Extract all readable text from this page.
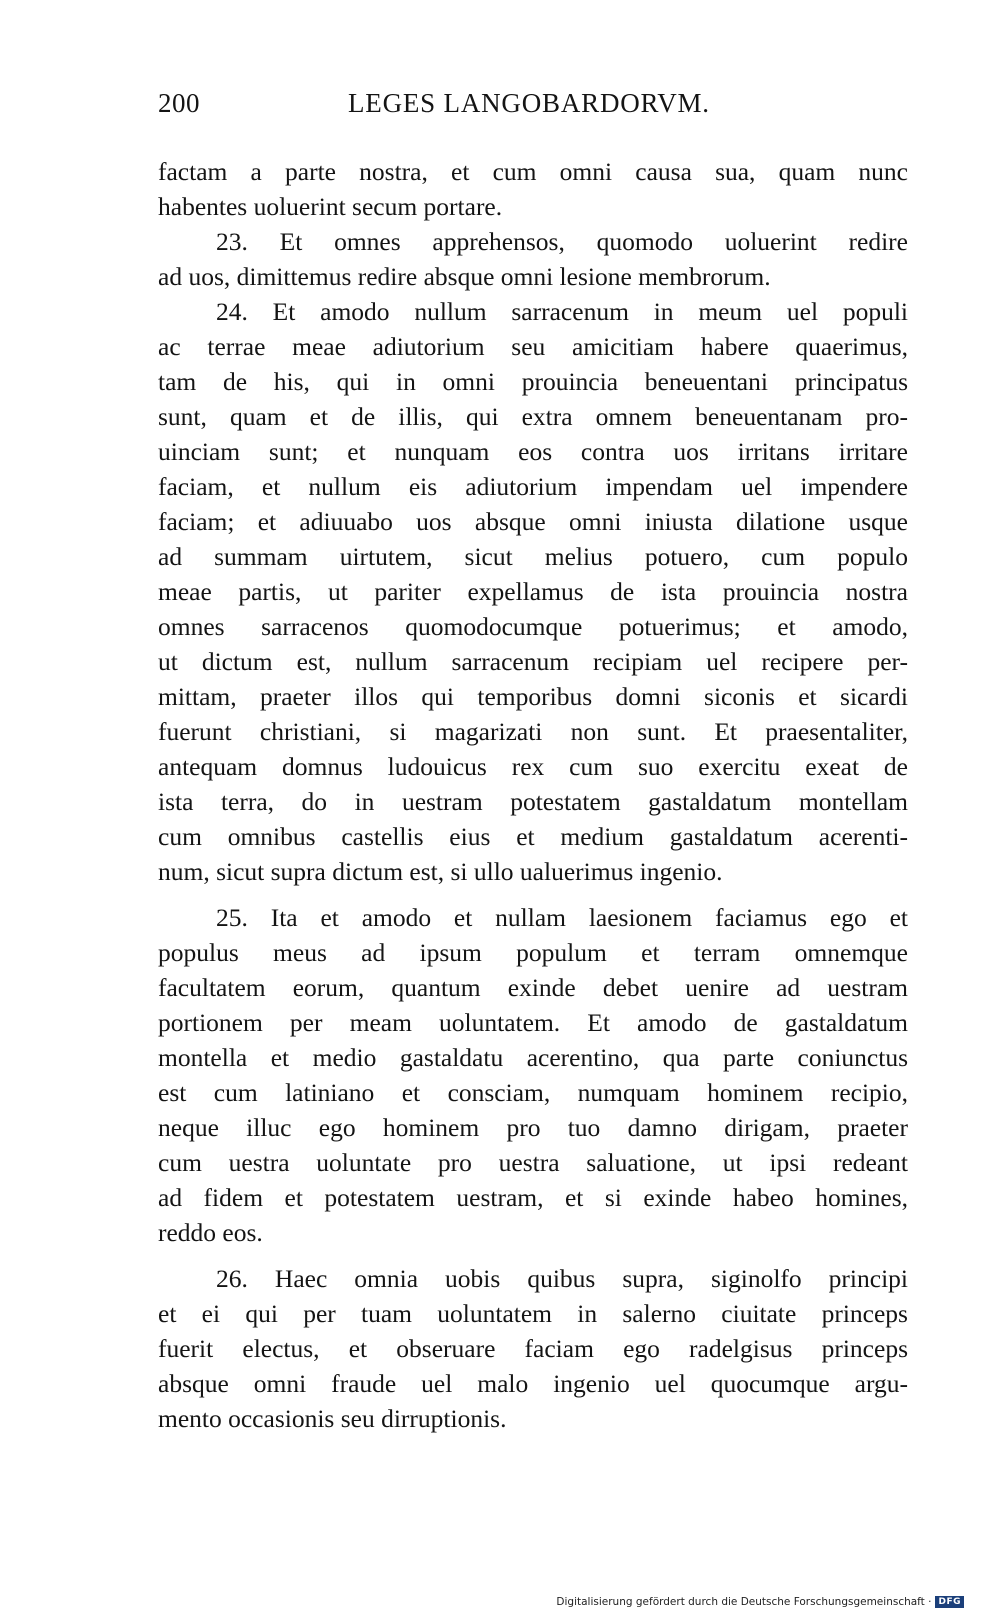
200	LEGES LANGOBARDORVM.
factam a parte nostra, et cum omni causa sua, quam nunc
habentes uoluerint secum portare.
23. Et omnes apprehensos, quomodo uoluerint redire
ad uos, dimittemus redire absque omni lesione membrorum.
24. Et amodo nullum sarracenum in meum uel populi
ac terrae meae adiutorium seu amicitiam habere quaerimus,
tam de his, qui in omni prouincia beneuentani principatus
sunt, quam et de illis, qui extra omnem beneuentanam pro-
uinciam sunt; et nunquam eos contra uos irritans irritare
faciam, et nullum eis adiutorium impendam uel impendere
faciam; et adiuuabo uos absque omni iniusta dilatione usque
ad summam uirtutem, sicut melius potuero, cum populo
meae partis, ut pariter expellamus de ista prouincia nostra
omnes sarracenos quomodocumque potuerimus; et amodo,
ut dictum est, nullum sarracenum recipiam uel recipere per-
mittam, praeter illos qui temporibus domni siconis et sicardi
fuerunt christiani, si magarizati non sunt. Et praesentaliter,
antequam domnus ludouicus rex cum suo exercitu exeat de
ista terra, do in uestram potestatem gastaldatum montellam
cum omnibus castellis eius et medium gastaldatum acerenti-
num, sicut supra dictum est, si ullo ualuerimus ingenio.
25. Ita et amodo et nullam laesionem faciamus ego et
populus meus ad ipsum populum et terram omnemque
facultatem eorum, quantum exinde debet uenire ad uestram
portionem per meam uoluntatem. Et amodo de gastaldatum
montella et medio gastaldatu acerentino, qua parte coniunctus
est cum latiniano et consciam, numquam hominem recipio,
neque illuc ego hominem pro tuo damno dirigam, praeter
cum uestra uoluntate pro uestra saluatione, ut ipsi redeant
ad fidem et potestatem uestram, et si exinde habeo homines,
reddo eos.
26. Haec omnia uobis quibus supra, siginolfo principi
et ei qui per tuam uoluntatem in salerno ciuitate princeps
fuerit electus, et obseruare faciam ego radelgisus princeps
absque omni fraude uel malo ingenio uel quocumque argu-
mento occasionis seu dirruptionis.
Digitalisierung gefördert durch die Deutsche Forschungsgemeinschaft · DFG
